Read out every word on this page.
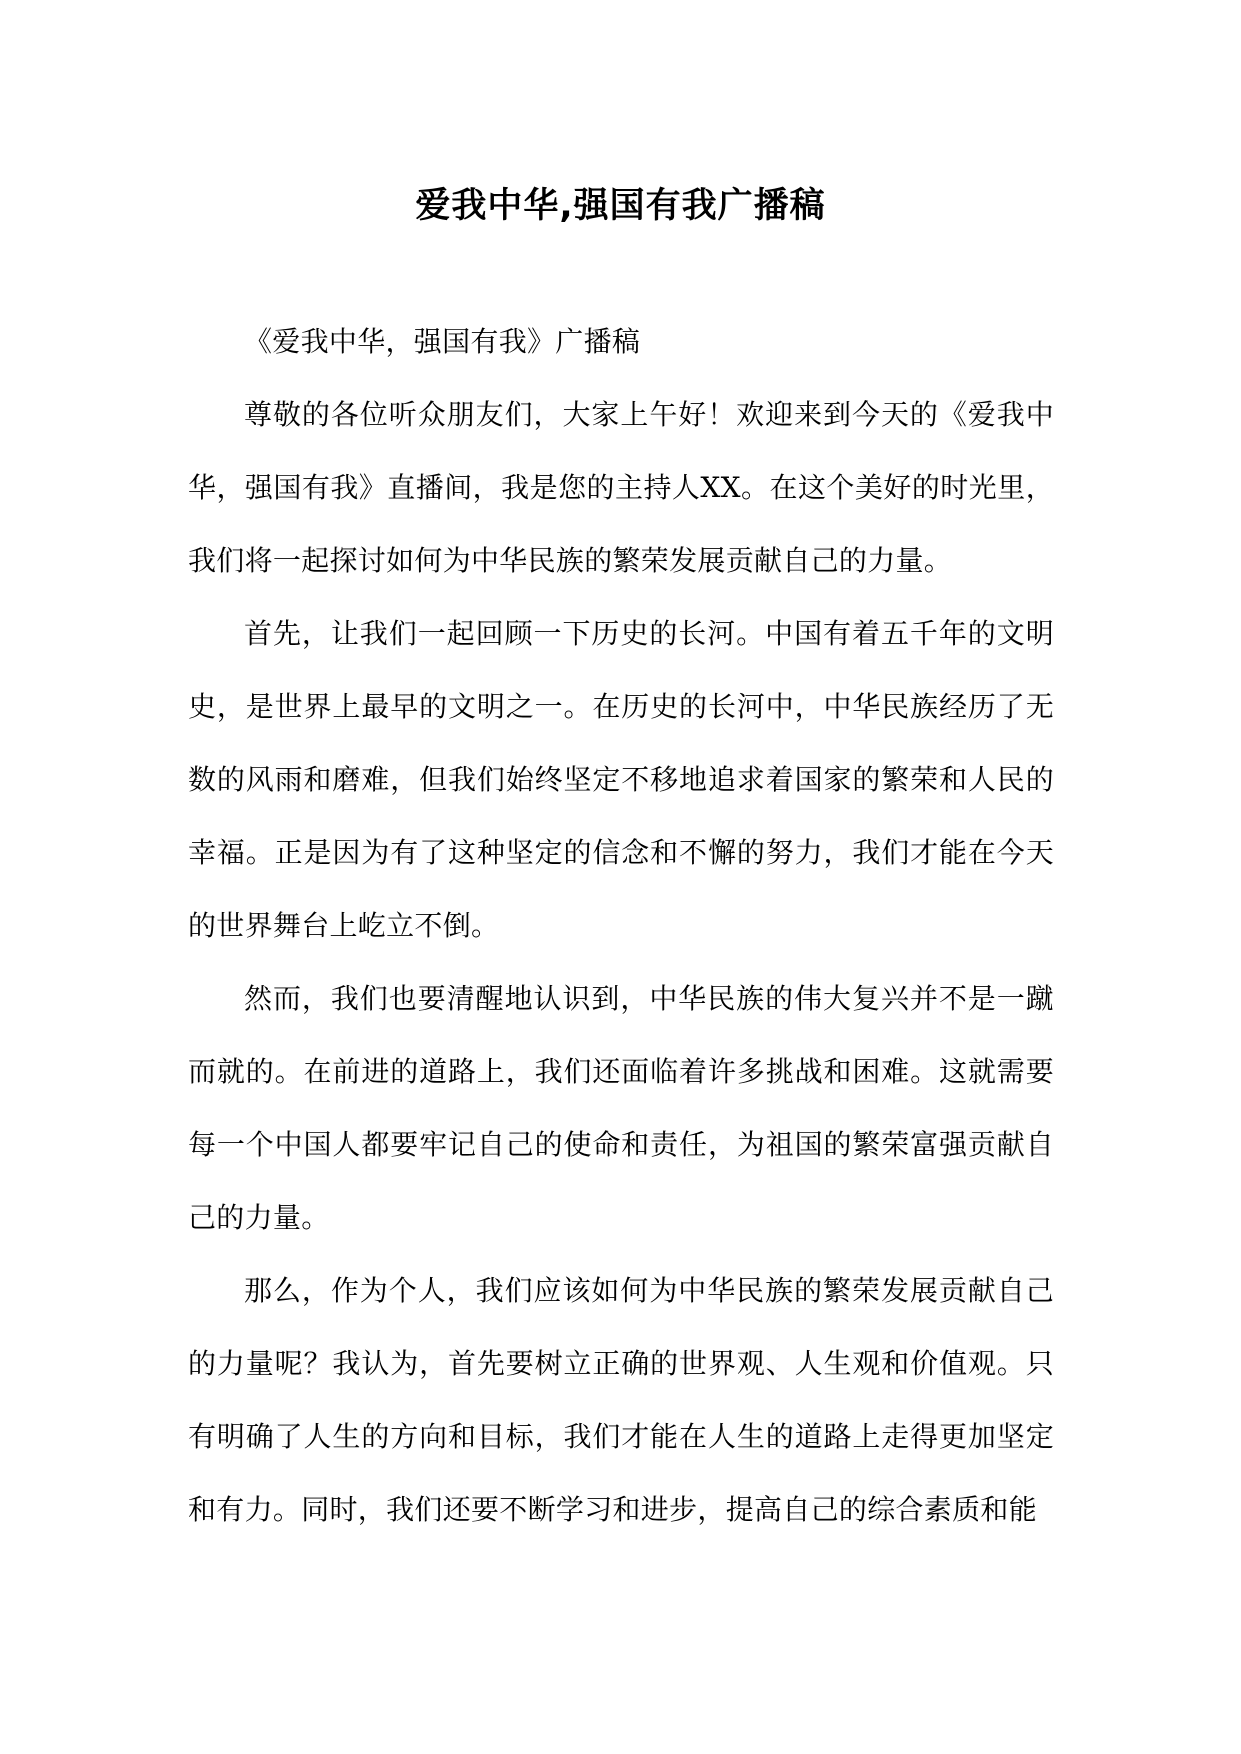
爱我中华,强国有我广播稿

《爱我中华，强国有我》广播稿

尊敬的各位听众朋友们，大家上午好！欢迎来到今天的《爱我中华，强国有我》直播间，我是您的主持人XX。在这个美好的时光里，我们将一起探讨如何为中华民族的繁荣发展贡献自己的力量。

首先，让我们一起回顾一下历史的长河。中国有着五千年的文明史，是世界上最早的文明之一。在历史的长河中，中华民族经历了无数的风雨和磨难，但我们始终坚定不移地追求着国家的繁荣和人民的幸福。正是因为有了这种坚定的信念和不懈的努力，我们才能在今天的世界舞台上屹立不倒。

然而，我们也要清醒地认识到，中华民族的伟大复兴并不是一蹴而就的。在前进的道路上，我们还面临着许多挑战和困难。这就需要每一个中国人都要牢记自己的使命和责任，为祖国的繁荣富强贡献自己的力量。

那么，作为个人，我们应该如何为中华民族的繁荣发展贡献自己的力量呢？我认为，首先要树立正确的世界观、人生观和价值观。只有明确了人生的方向和目标，我们才能在人生的道路上走得更加坚定和有力。同时，我们还要不断学习和进步，提高自己的综合素质和能
